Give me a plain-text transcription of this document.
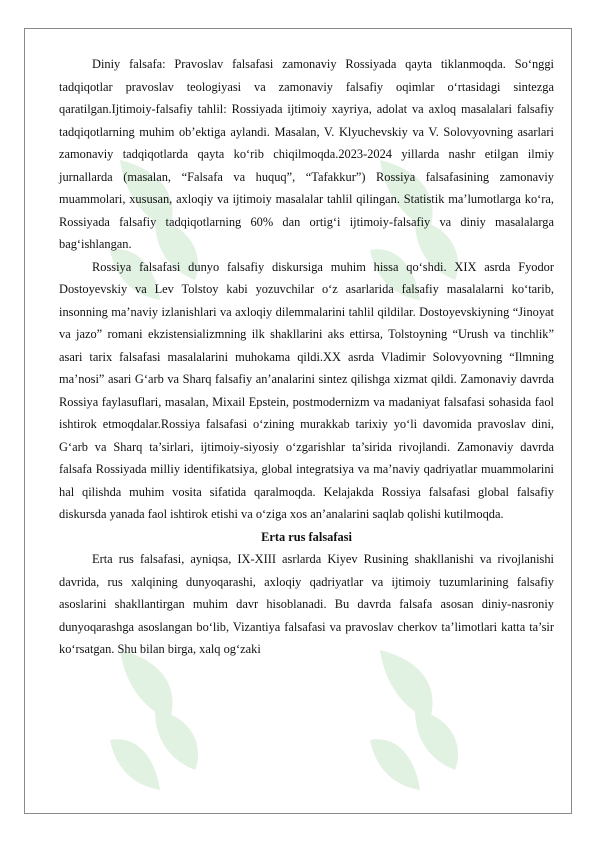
Diniy falsafa: Pravoslav falsafasi zamonaviy Rossiyada qayta tiklanmoqda. So‘nggi tadqiqotlar pravoslav teologiyasi va zamonaviy falsafiy oqimlar o‘rtasidagi sintezga qaratilgan.Ijtimoiy-falsafiy tahlil: Rossiyada ijtimoiy xayriya, adolat va axloq masalalari falsafiy tadqiqotlarning muhim ob’ektiga aylandi. Masalan, V. Klyuchevskiy va V. Solovyovning asarlari zamonaviy tadqiqotlarda qayta ko‘rib chiqilmoqda.2023-2024 yillarda nashr etilgan ilmiy jurnallarda (masalan, “Falsafa va huquq”, “Tafakkur”) Rossiya falsafasining zamonaviy muammolari, xususan, axloqiy va ijtimoiy masalalar tahlil qilingan. Statistik ma’lumotlarga ko‘ra, Rossiyada falsafiy tadqiqotlarning 60% dan ortig‘i ijtimoiy-falsafiy va diniy masalalarga bag‘ishlangan.

Rossiya falsafasi dunyo falsafiy diskursiga muhim hissa qo‘shdi. XIX asrda Fyodor Dostoyevskiy va Lev Tolstoy kabi yozuvchilar o‘z asarlarida falsafiy masalalarni ko‘tarib, insonning ma’naviy izlanishlari va axloqiy dilemmalarini tahlil qildilar. Dostoyevskiyning “Jinoyat va jazo” romani ekzistensializmning ilk shakllarini aks ettirsa, Tolstoyning “Urush va tinchlik” asari tarix falsafasi masalalarini muhokama qildi.XX asrda Vladimir Solovyovning “Ilmning ma’nosi” asari G‘arb va Sharq falsafiy an’analarini sintez qilishga xizmat qildi. Zamonaviy davrda Rossiya faylasuflari, masalan, Mixail Epstein, postmodernizm va madaniyat falsafasi sohasida faol ishtirok etmoqdalar.Rossiya falsafasi o‘zining murakkab tarixiy yo‘li davomida pravoslav dini, G‘arb va Sharq ta’sirlari, ijtimoiy-siyosiy o‘zgarishlar ta’sirida rivojlandi. Zamonaviy davrda falsafa Rossiyada milliy identifikatsiya, global integratsiya va ma’naviy qadriyatlar muammolarini hal qilishda muhim vosita sifatida qaralmoqda. Kelajakda Rossiya falsafasi global falsafiy diskursda yanada faol ishtirok etishi va o‘ziga xos an’analarini saqlab qolishi kutilmoqda.

Erta rus falsafasi

Erta rus falsafasi, ayniqsa, IX-XIII asrlarda Kiyev Rusining shakllanishi va rivojlanishi davrida, rus xalqining dunyoqarashi, axloqiy qadriyatlar va ijtimoiy tuzumlarining falsafiy asoslarini shakllantirgan muhim davr hisoblanadi. Bu davrda falsafa asosan diniy-nasroniy dunyoqarashga asoslangan bo‘lib, Vizantiya falsafasi va pravoslav cherkov ta’limotlari katta ta’sir ko‘rsatgan. Shu bilan birga, xalq og‘zaki
